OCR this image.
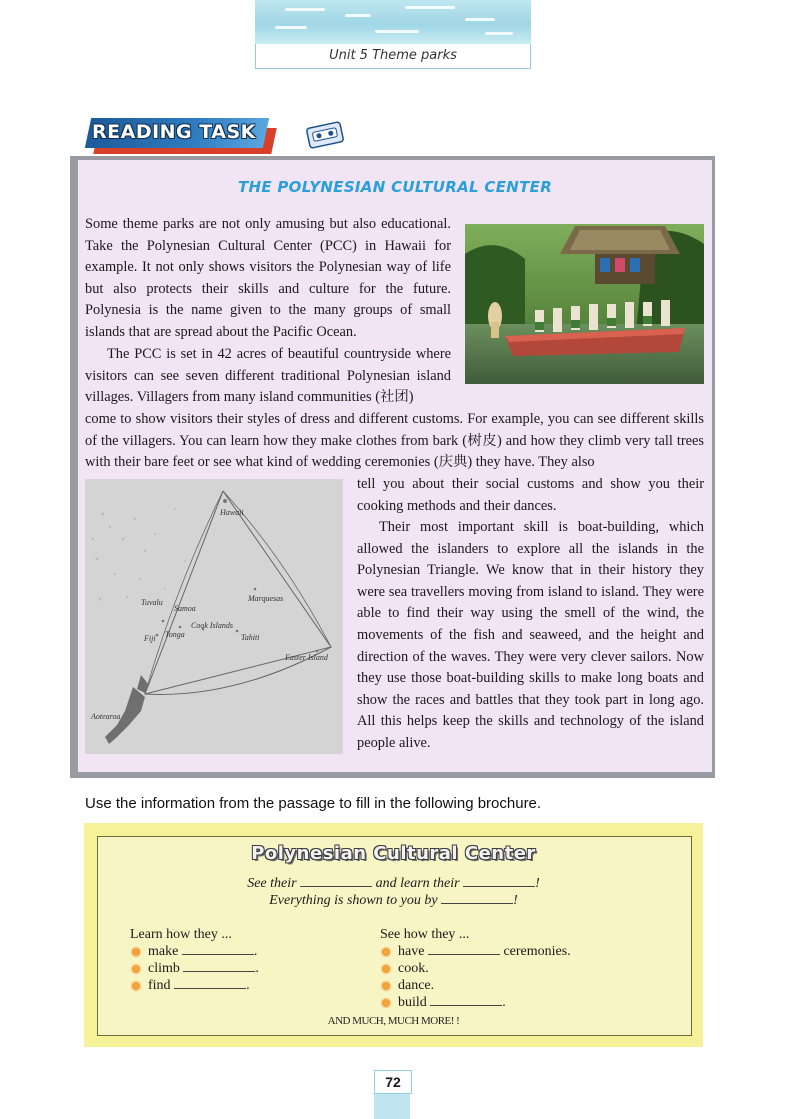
Unit 5 Theme parks
READING TASK
THE POLYNESIAN CULTURAL CENTER

Some theme parks are not only amusing but also educational. Take the Polynesian Cultural Center (PCC) in Hawaii for example. It not only shows visitors the Polynesian way of life but also protects their skills and culture for the future. Polynesia is the name given to the many groups of small islands that are spread about the Pacific Ocean.

The PCC is set in 42 acres of beautiful countryside where visitors can see seven different traditional Polynesian island villages. Villagers from many island communities (社团)

come to show visitors their styles of dress and different customs. For example, you can see different skills of the villagers. You can learn how they make clothes from bark (树皮) and how they climb very tall trees with their bare feet or see what kind of wedding ceremonies (庆典) they have. They also

tell you about their social customs and show you their cooking methods and their dances.

Their most important skill is boat-building, which allowed the islanders to explore all the islands in the Polynesian Triangle. We know that in their history they were sea travellers moving from island to island. They were able to find their way using the smell of the wind, the movements of the fish and seaweed, and the height and direction of the waves. They were very clever sailors. Now they use those boat-building skills to make long boats and show the races and battles that they took part in long ago. All this helps keep the skills and technology of the island people alive.

Hawaii
Tuvalu
Samoa
Marquesas
Cook Islands
Fiji Tonga	Tahiti
Easter Island
Aotearoa
Use the information from the passage to fill in the following brochure.
Polynesian Cultural Center
See their	and learn their	!
Everything is shown to you by	!
Learn how they ...
make	.
climb	.
find	.
See how they ...
have	ceremonies.
cook.
dance.
build	.
AND MUCH, MUCH MORE! !
72
